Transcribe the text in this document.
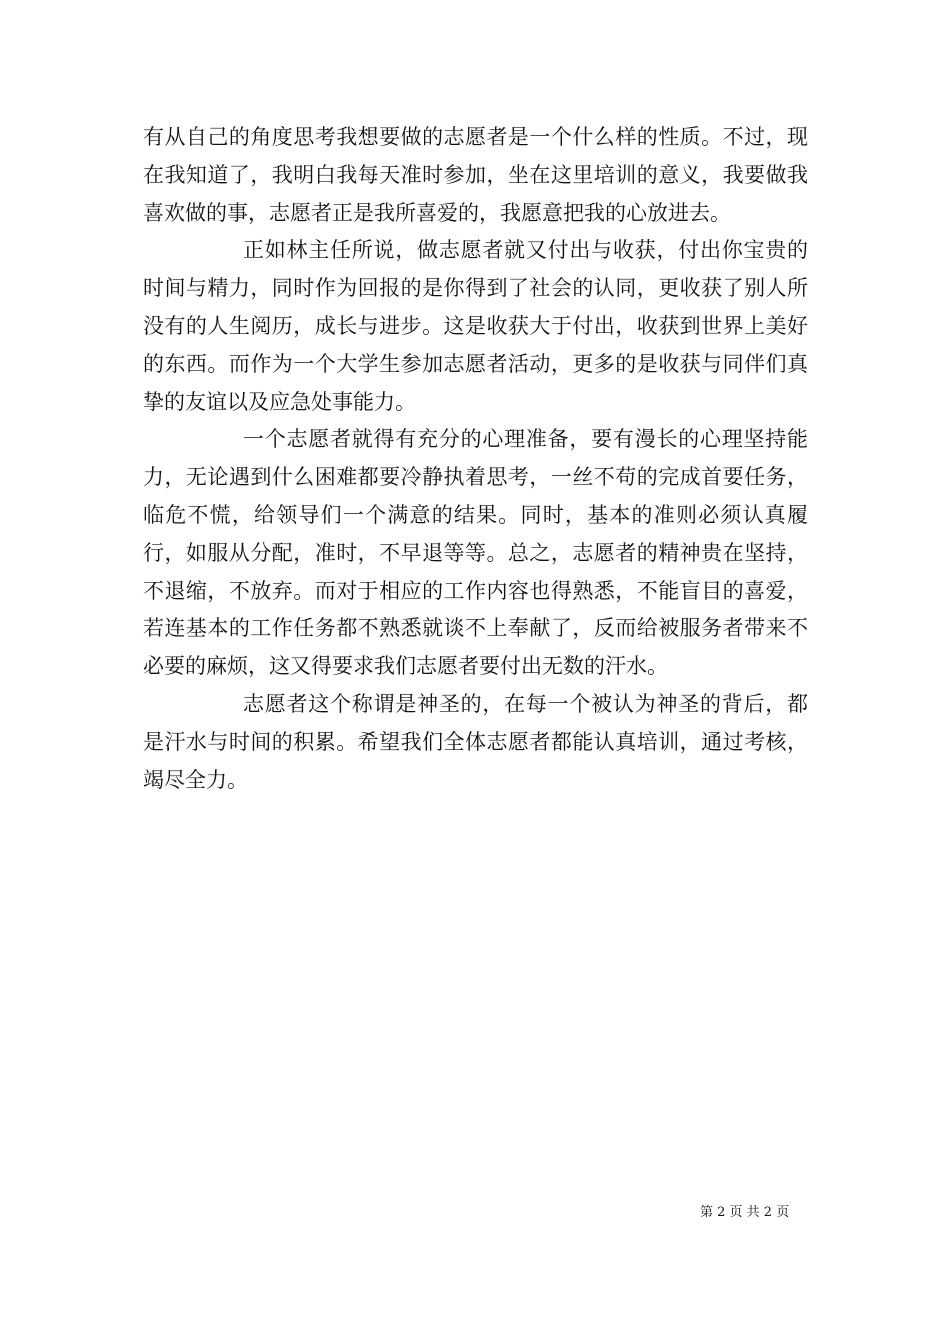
有从自己的角度思考我想要做的志愿者是一个什么样的性质。不过，现在我知道了，我明白我每天准时参加，坐在这里培训的意义，我要做我喜欢做的事，志愿者正是我所喜爱的，我愿意把我的心放进去。

正如林主任所说，做志愿者就又付出与收获，付出你宝贵的时间与精力，同时作为回报的是你得到了社会的认同，更收获了别人所没有的人生阅历，成长与进步。这是收获大于付出，收获到世界上美好的东西。而作为一个大学生参加志愿者活动，更多的是收获与同伴们真挚的友谊以及应急处事能力。

一个志愿者就得有充分的心理准备，要有漫长的心理坚持能力，无论遇到什么困难都要冷静执着思考，一丝不苟的完成首要任务，临危不慌，给领导们一个满意的结果。同时，基本的准则必须认真履行，如服从分配，准时，不早退等等。总之，志愿者的精神贵在坚持，不退缩，不放弃。而对于相应的工作内容也得熟悉，不能盲目的喜爱，若连基本的工作任务都不熟悉就谈不上奉献了，反而给被服务者带来不必要的麻烦，这又得要求我们志愿者要付出无数的汗水。

志愿者这个称谓是神圣的，在每一个被认为神圣的背后，都是汗水与时间的积累。希望我们全体志愿者都能认真培训，通过考核，竭尽全力。

第 2 页 共 2 页
